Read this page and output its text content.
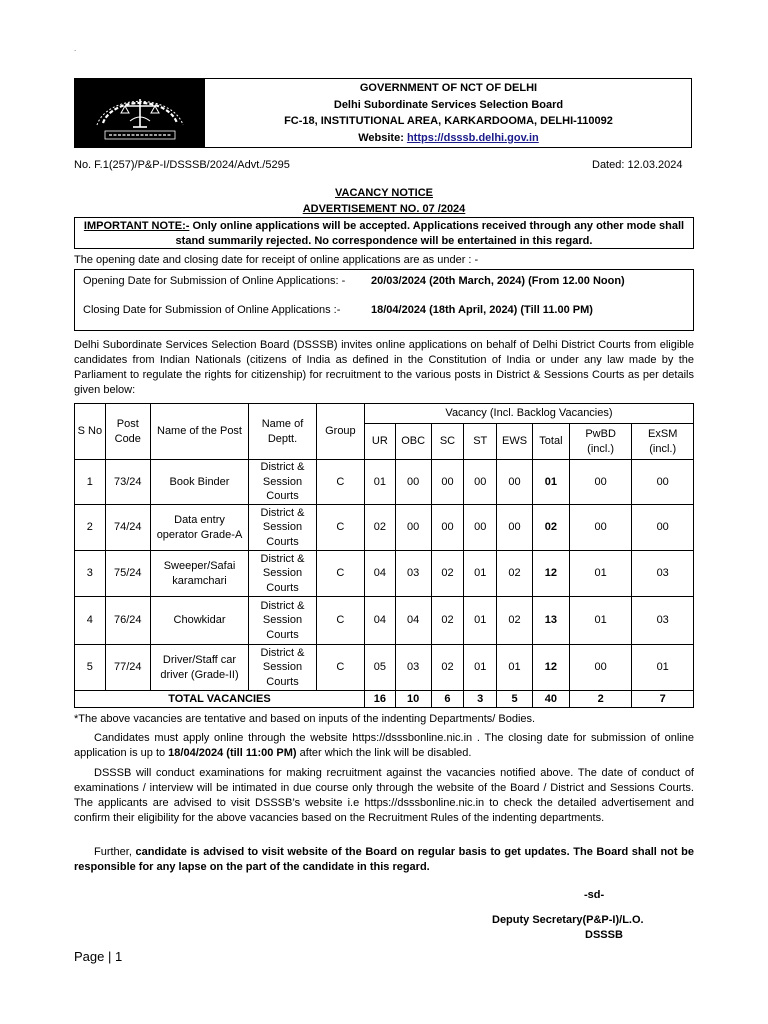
.
GOVERNMENT OF NCT OF DELHI
Delhi Subordinate Services Selection Board
FC-18, INSTITUTIONAL AREA, KARKARDOOMA, DELHI-110092
Website: https://dsssb.delhi.gov.in
No. F.1(257)/P&P-I/DSSSB/2024/Advt./5295	Dated: 12.03.2024
VACANCY NOTICE
ADVERTISEMENT NO. 07 /2024
IMPORTANT NOTE:- Only online applications will be accepted. Applications received through any other mode shall
stand summarily rejected. No correspondence will be entertained in this regard.
The opening date and closing date for receipt of online applications are as under : -
Opening Date for Submission of Online Applications: - 20/03/2024 (20th March, 2024) (From 12.00 Noon)
Closing Date for Submission of Online Applications :-	18/04/2024 (18th April, 2024) (Till 11.00 PM)
Delhi Subordinate Services Selection Board (DSSSB) invites online applications on behalf of Delhi District Courts from eligible candidates from Indian Nationals (citizens of India as defined in the Constitution of India or under any law made by the Parliament to regulate the rights for citizenship) for recruitment to the various posts in District & Sessions Courts as per details given below:
S No	Post Code	Name of the Post	Name of Deptt.	Group	Vacancy (Incl. Backlog Vacancies)							
					UR	OBC	SC	ST	EWS	Total	PwBD (incl.)	ExSM (incl.)
1	73/24	Book Binder	District & Session Courts	C	01	00	00	00	00	01	00	00
2	74/24	Data entry operator Grade-A	District & Session Courts	C	02	00	00	00	00	02	00	00
3	75/24	Sweeper/Safai karamchari	District & Session Courts	C	04	03	02	01	02	12	01	03
4	76/24	Chowkidar	District & Session Courts	C	04	04	02	01	02	13	01	03
5	77/24	Driver/Staff car driver (Grade-II)	District & Session Courts	C	05	03	02	01	01	12	00	01
TOTAL VACANCIES					16	10	6	3	5	40	2	7
*The above vacancies are tentative and based on inputs of the indenting Departments/ Bodies.
Candidates must apply online through the website https://dsssbonline.nic.in . The closing date for submission of online application is up to 18/04/2024 (till 11:00 PM) after which the link will be disabled.
DSSSB will conduct examinations for making recruitment against the vacancies notified above. The date of conduct of examinations / interview will be intimated in due course only through the website of the Board / District and Sessions Courts. The applicants are advised to visit DSSSB’s website i.e https://dsssbonline.nic.in to check the detailed advertisement and confirm their eligibility for the above vacancies based on the Recruitment Rules of the indenting departments.
Further, candidate is advised to visit website of the Board on regular basis to get updates. The Board shall not be responsible for any lapse on the part of the candidate in this regard.
-sd-
Deputy Secretary(P&P-I)/L.O.
DSSSB
Page | 1
